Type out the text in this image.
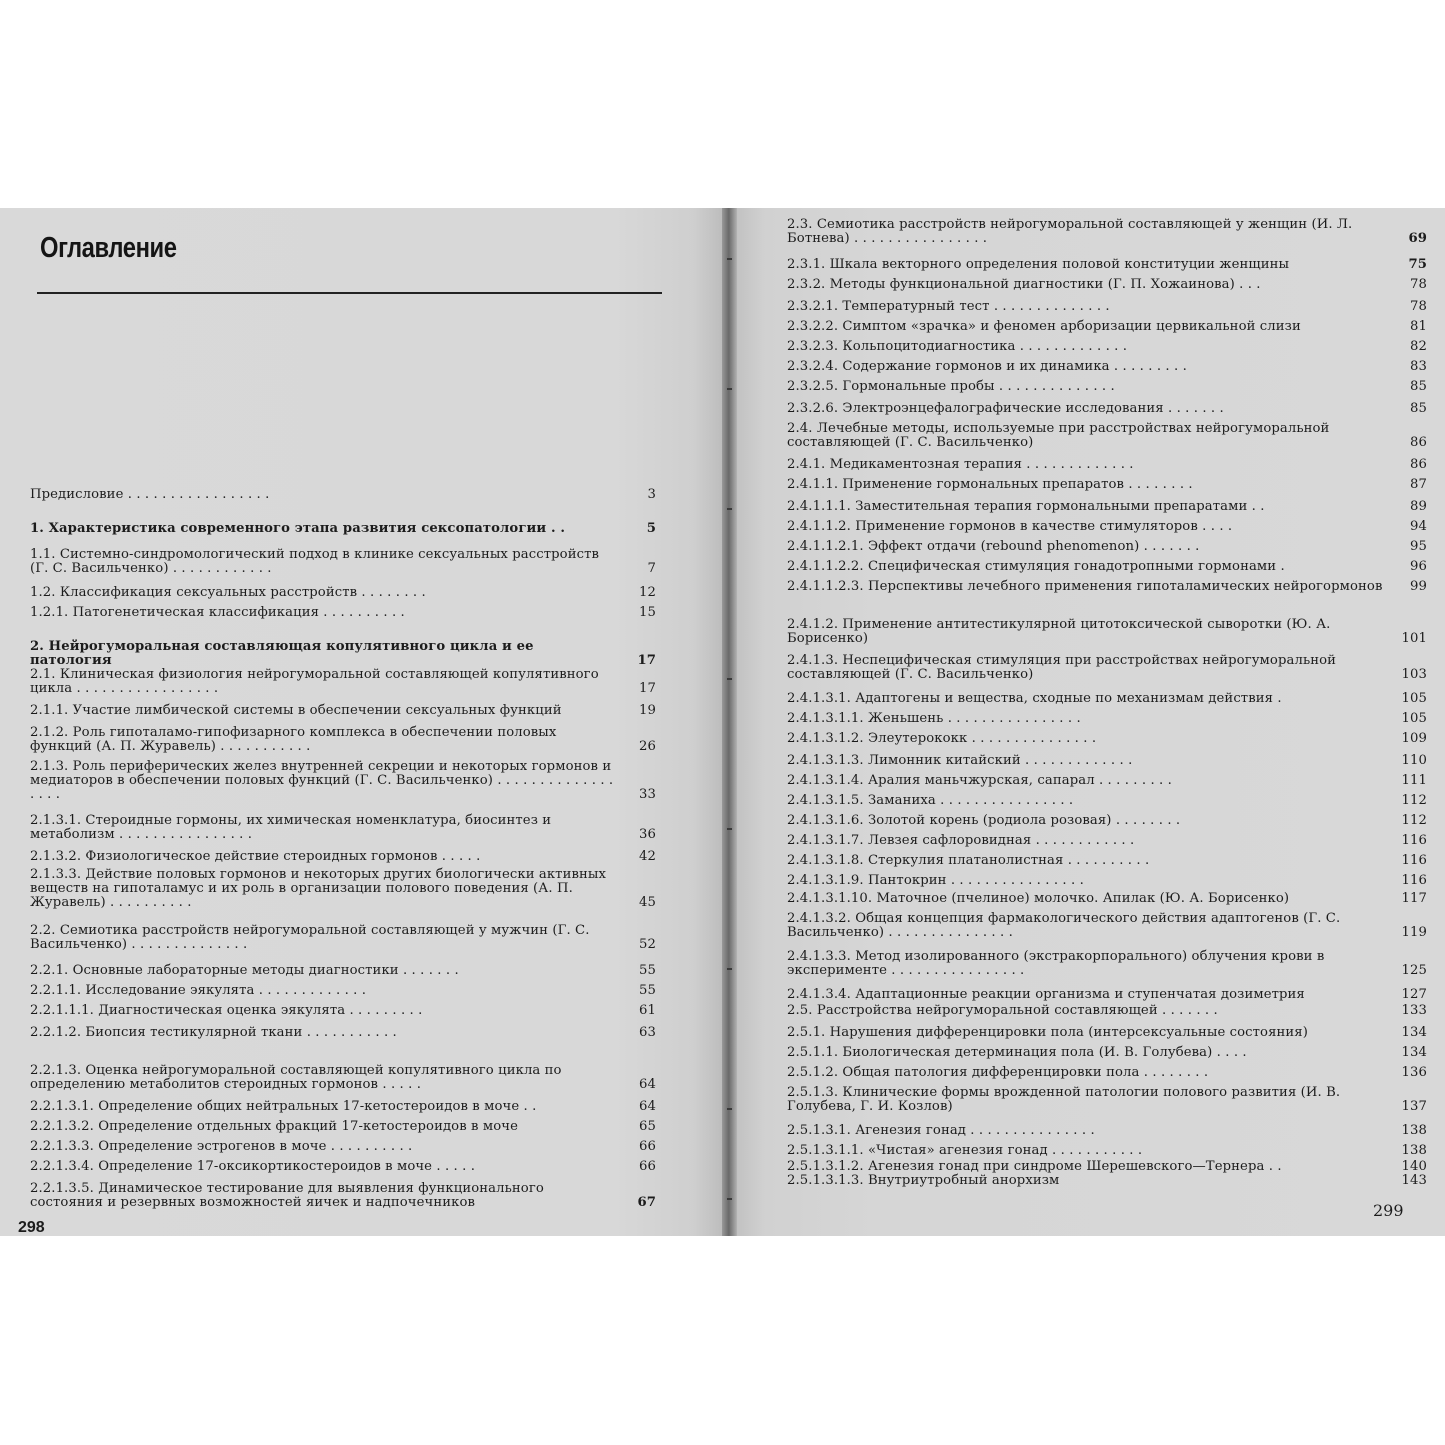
Оглавление
Предисловие . . . . . . . . . . . . . . . . .	3
1. Характеристика современного этапа развития сексопатологии . .	5
1.1. Системно-синдромологический подход в клинике сексуальных расстройств (Г. С. Васильченко) . . . . . . . . . . . .	7
1.2. Классификация сексуальных расстройств . . . . . . . .	12
1.2.1. Патогенетическая классификация . . . . . . . . . .	15
2. Нейрогуморальная составляющая копулятивного цикла и ее патология	17
2.1. Клиническая физиология нейрогуморальной составляющей копулятивного цикла . . . . . . . . . . . . . . . . .	17
2.1.1. Участие лимбической системы в обеспечении сексуальных функций	19
2.1.2. Роль гипоталамо-гипофизарного комплекса в обеспечении половых функций (А. П. Журавель) . . . . . . . . . . .	26
2.1.3. Роль периферических желез внутренней секреции и некоторых гормонов и медиаторов в обеспечении половых функций (Г. С. Васильченко) . . . . . . . . . . . . . . . . . .	33
2.1.3.1. Стероидные гормоны, их химическая номенклатура, биосинтез и метаболизм . . . . . . . . . . . . . . . .	36
2.1.3.2. Физиологическое действие стероидных гормонов . . . . .	42
2.1.3.3. Действие половых гормонов и некоторых других биологически активных веществ на гипоталамус и их роль в организации полового поведения (А. П. Журавель) . . . . . . . . . .	45
2.2. Семиотика расстройств нейрогуморальной составляющей у мужчин (Г. С. Васильченко) . . . . . . . . . . . . . .	52
2.2.1. Основные лабораторные методы диагностики . . . . . . .	55
2.2.1.1. Исследование эякулята . . . . . . . . . . . . .	55
2.2.1.1.1. Диагностическая оценка эякулята . . . . . . . . .	61
2.2.1.2. Биопсия тестикулярной ткани . . . . . . . . . . .	63
2.2.1.3. Оценка нейрогуморальной составляющей копулятивного цикла по определению метаболитов стероидных гормонов . . . . .	64
2.2.1.3.1. Определение общих нейтральных 17-кетостероидов в моче . .	64
2.2.1.3.2. Определение отдельных фракций 17-кетостероидов в моче	65
2.2.1.3.3. Определение эстрогенов в моче . . . . . . . . . .	66
2.2.1.3.4. Определение 17-оксикортикостероидов в моче . . . . .	66
2.2.1.3.5. Динамическое тестирование для выявления функционального состояния и резервных возможностей яичек и надпочечников	67
298
2.3. Семиотика расстройств нейрогуморальной составляющей у женщин (И. Л. Ботнева) . . . . . . . . . . . . . . . .	69
2.3.1. Шкала векторного определения половой конституции женщины	75
2.3.2. Методы функциональной диагностики (Г. П. Хожаинова) . . .	78
2.3.2.1. Температурный тест . . . . . . . . . . . . . .	78
2.3.2.2. Симптом «зрачка» и феномен арборизации цервикальной слизи	81
2.3.2.3. Кольпоцитодиагностика . . . . . . . . . . . . .	82
2.3.2.4. Содержание гормонов и их динамика . . . . . . . . .	83
2.3.2.5. Гормональные пробы . . . . . . . . . . . . . .	85
2.3.2.6. Электроэнцефалографические исследования . . . . . . .	85
2.4. Лечебные методы, используемые при расстройствах нейрогуморальной составляющей (Г. С. Васильченко)	86
2.4.1. Медикаментозная терапия . . . . . . . . . . . . .	86
2.4.1.1. Применение гормональных препаратов . . . . . . . .	87
2.4.1.1.1. Заместительная терапия гормональными препаратами . .	89
2.4.1.1.2. Применение гормонов в качестве стимуляторов . . . .	94
2.4.1.1.2.1. Эффект отдачи (rebound phenomenon) . . . . . . .	95
2.4.1.1.2.2. Специфическая стимуляция гонадотропными гормонами .	96
2.4.1.1.2.3. Перспективы лечебного применения гипоталамических нейрогормонов	99
2.4.1.2. Применение антитестикулярной цитотоксической сыворотки (Ю. А. Борисенко)	101
2.4.1.3. Неспецифическая стимуляция при расстройствах нейрогуморальной составляющей (Г. С. Васильченко)	103
2.4.1.3.1. Адаптогены и вещества, сходные по механизмам действия .	105
2.4.1.3.1.1. Женьшень . . . . . . . . . . . . . . . .	105
2.4.1.3.1.2. Элеутерококк . . . . . . . . . . . . . . .	109
2.4.1.3.1.3. Лимонник китайский . . . . . . . . . . . . .	110
2.4.1.3.1.4. Аралия маньчжурская, сапарал . . . . . . . . .	111
2.4.1.3.1.5. Заманиха . . . . . . . . . . . . . . . .	112
2.4.1.3.1.6. Золотой корень (родиола розовая) . . . . . . . .	112
2.4.1.3.1.7. Левзея сафлоровидная . . . . . . . . . . . .	116
2.4.1.3.1.8. Стеркулия платанолистная . . . . . . . . . .	116
2.4.1.3.1.9. Пантокрин . . . . . . . . . . . . . . . .	116
2.4.1.3.1.10. Маточное (пчелиное) молочко. Апилак (Ю. А. Борисенко)	117
2.4.1.3.2. Общая концепция фармакологического действия адаптогенов (Г. С. Васильченко) . . . . . . . . . . . . . . .	119
2.4.1.3.3. Метод изолированного (экстракорпорального) облучения крови в эксперименте . . . . . . . . . . . . . . . .	125
2.4.1.3.4. Адаптационные реакции организма и ступенчатая дозиметрия	127
2.5. Расстройства нейрогуморальной составляющей . . . . . . .	133
2.5.1. Нарушения дифференцировки пола (интерсексуальные состояния)	134
2.5.1.1. Биологическая детерминация пола (И. В. Голубева) . . . .	134
2.5.1.2. Общая патология дифференцировки пола . . . . . . . .	136
2.5.1.3. Клинические формы врожденной патологии полового развития (И. В. Голубева, Г. И. Козлов)	137
2.5.1.3.1. Агенезия гонад . . . . . . . . . . . . . . .	138
2.5.1.3.1.1. «Чистая» агенезия гонад . . . . . . . . . . .	138
2.5.1.3.1.2. Агенезия гонад при синдроме Шерешевского—Тернера . .	140
2.5.1.3.1.3. Внутриутробный анорхизм	143
299
